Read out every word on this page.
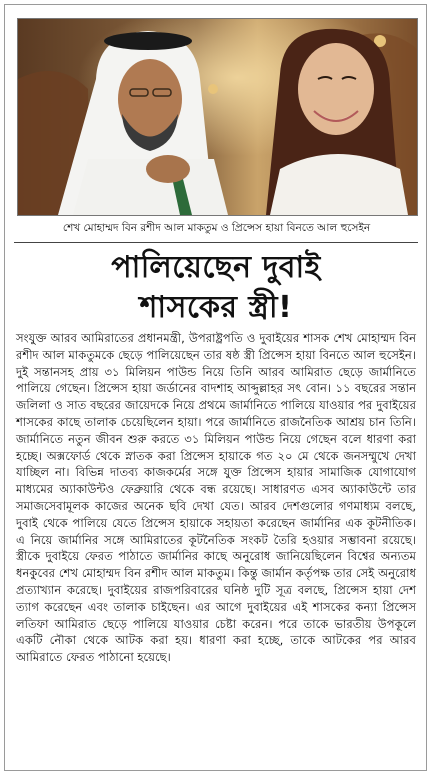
শেখ মোহাম্মদ বিন রশীদ আল মাকতুম ও প্রিন্সেস হায়া বিনতে আল হুসেইন
পালিয়েছেন দুবাই
শাসকের স্ত্রী!

সংযুক্ত আরব আমিরাতের প্রধানমন্ত্রী, উপরাষ্ট্রপতি ও দুবাইয়ের শাসক শেখ মোহাম্মদ বিন রশীদ আল মাকতুমকে ছেড়ে পালিয়েছেন তার ষষ্ঠ স্ত্রী প্রিন্সেস হায়া বিনতে আল হুসেইন। দুই সন্তানসহ প্রায় ৩১ মিলিয়ন পাউন্ড নিয়ে তিনি আরব আমিরাত ছেড়ে জার্মানিতে পালিয়ে গেছেন। প্রিন্সেস হায়া জর্ডানের বাদশাহ আব্দুল্লাহর সৎ বোন। ১১ বছরের সন্তান জলিলা ও সাত বছরের জায়েদকে নিয়ে প্রথমে জার্মানিতে পালিয়ে যাওয়ার পর দুবাইয়ের শাসকের কাছে তালাক চেয়েছিলেন হায়া। পরে জার্মানিতে রাজনৈতিক আশ্রয় চান তিনি। জার্মানিতে নতুন জীবন শুরু করতে ৩১ মিলিয়ন পাউন্ড নিয়ে গেছেন বলে ধারণা করা হচ্ছে। অক্সফোর্ড থেকে স্নাতক করা প্রিন্সেস হায়াকে গত ২০ মে থেকে জনসম্মুখে দেখা যাচ্ছিল না। বিভিন্ন দাতব্য কাজকর্মের সঙ্গে যুক্ত প্রিন্সেস হায়ার সামাজিক যোগাযোগ মাধ্যমের অ্যাকাউন্টও ফেব্রুয়ারি থেকে বন্ধ রয়েছে। সাধারণত এসব অ্যাকাউন্টে তার সমাজসেবামূলক কাজের অনেক ছবি দেখা যেত। আরব দেশগুলোর গণমাধ্যম বলছে, দুবাই থেকে পালিয়ে যেতে প্রিন্সেস হায়াকে সহায়তা করেছেন জার্মানির এক কূটনীতিক। এ নিয়ে জার্মানির সঙ্গে আমিরাতের কূটনৈতিক সংকট তৈরি হওয়ার সম্ভাবনা রয়েছে। স্ত্রীকে দুবাইয়ে ফেরত পাঠাতে জার্মানির কাছে অনুরোধ জানিয়েছিলেন বিশ্বের অন্যতম ধনকুবের শেখ মোহাম্মদ বিন রশীদ আল মাকতুম। কিন্তু জার্মান কর্তৃপক্ষ তার সেই অনুরোধ প্রত্যাখ্যান করেছে। দুবাইয়ের রাজপরিবারের ঘনিষ্ঠ দুটি সূত্র বলছে, প্রিন্সেস হায়া দেশ ত্যাগ করেছেন এবং তালাক চাইছেন। এর আগে দুবাইয়ের এই শাসকের কন্যা প্রিন্সেস লতিফা আমিরাত ছেড়ে পালিয়ে যাওয়ার চেষ্টা করেন। পরে তাকে ভারতীয় উপকূলে একটি নৌকা থেকে আটক করা হয়। ধারণা করা হচ্ছে, তাকে আটকের পর আরব আমিরাতে ফেরত পাঠানো হয়েছে।
